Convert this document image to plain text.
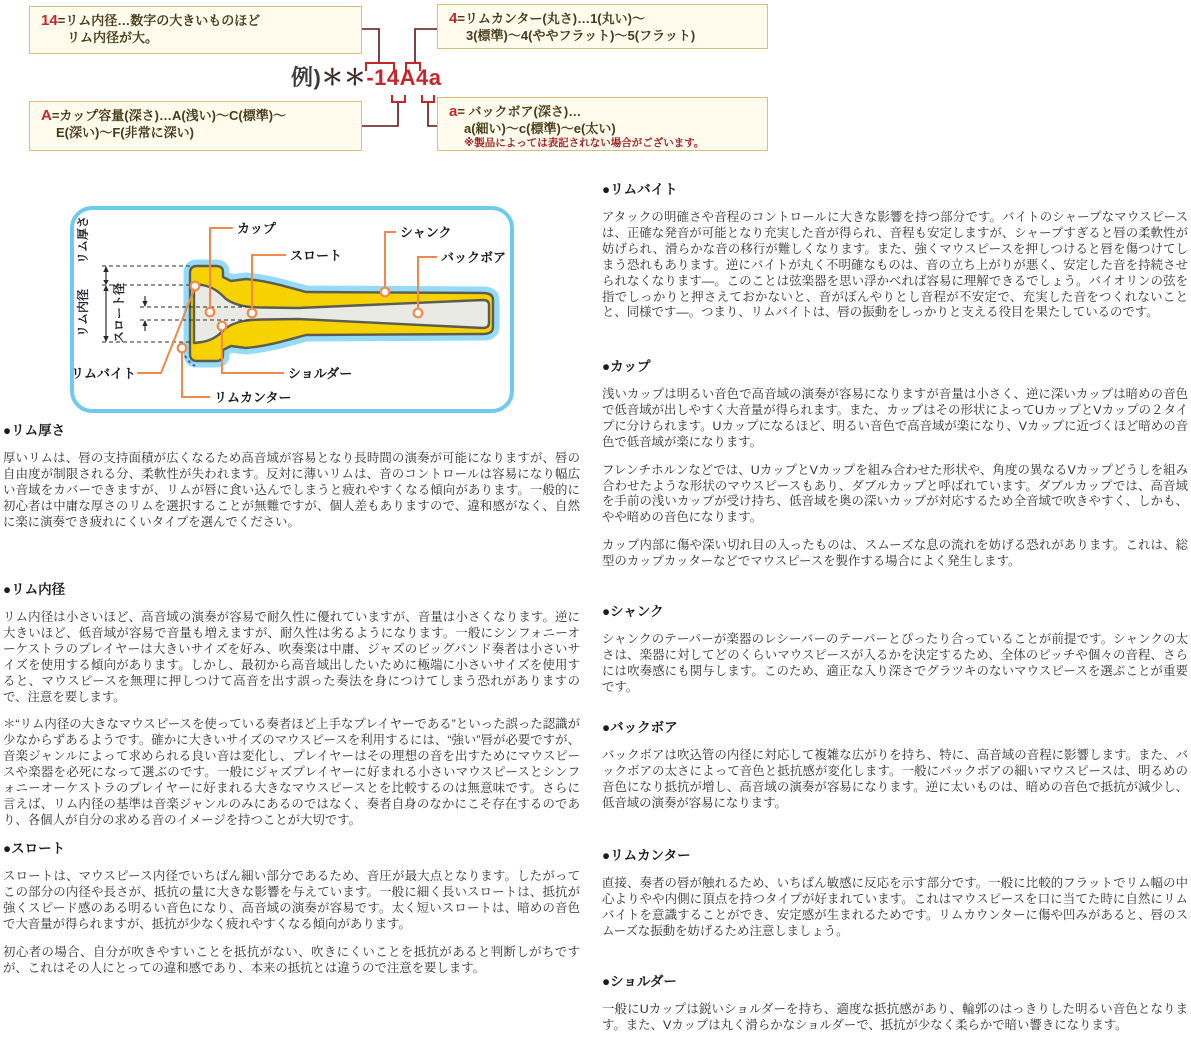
14=リム内径…数字の大きいものほど
リム内径が大。
4=リムカンター(丸さ)…1(丸い)～
3(標準)～4(ややフラット)～5(フラット)
A=カップ容量(深さ)…A(浅い)～C(標準)～
E(深い)～F(非常に深い)
a= バックボア(深さ)…
a(細い)～c(標準)～e(太い)
※製品によっては表記されない場合がございます。
例)＊＊-14A4a
リム厚さ
リム内径 スロート径
カップ
スロート
シャンク
バックボア
リムバイト	ショルダー
リムカンター
●リム厚さ

厚いリムは、唇の支持面積が広くなるため高音域が容易となり長時間の演奏が可能になりますが、唇の自由度が制限される分、柔軟性が失われます。反対に薄いリムは、音のコントロールは容易になり幅広い音域をカバーできますが、リムが唇に食い込んでしまうと疲れやすくなる傾向があります。一般的に初心者は中庸な厚さのリムを選択することが無難ですが、個人差もありますので、違和感がなく、自然に楽に演奏でき疲れにくいタイプを選んでください。

●リム内径

リム内径は小さいほど、高音域の演奏が容易で耐久性に優れていますが、音量は小さくなります。逆に大きいほど、低音域が容易で音量も増えますが、耐久性は劣るようになります。一般にシンフォニーオーケストラのプレイヤーは大きいサイズを好み、吹奏楽は中庸、ジャズのビッグバンド奏者は小さいサイズを使用する傾向があります。しかし、最初から高音域出したいために極端に小さいサイズを使用すると、マウスピースを無理に押しつけて高音を出す誤った奏法を身につけてしまう恐れがありますので、注意を要します。

＊“リム内径の大きなマウスピースを使っている奏者ほど上手なプレイヤーである”といった誤った認識が少なからずあるようです。確かに大きいサイズのマウスピースを利用するには、“強い”唇が必要ですが、音楽ジャンルによって求められる良い音は変化し、プレイヤーはその理想の音を出すためにマウスピースや楽器を必死になって選ぶのです。一般にジャズプレイヤーに好まれる小さいマウスピースとシンフォニーオーケストラのプレイヤーに好まれる大きなマウスピースとを比較するのは無意味です。さらに言えば、リム内径の基準は音楽ジャンルのみにあるのではなく、奏者自身のなかにこそ存在するのであり、各個人が自分の求める音のイメージを持つことが大切です。

●スロート

スロートは、マウスピース内径でいちばん細い部分であるため、音圧が最大点となります。したがってこの部分の内径や長さが、抵抗の量に大きな影響を与えています。一般に細く長いスロートは、抵抗が強くスピード感のある明るい音色になり、高音域の演奏が容易です。太く短いスロートは、暗めの音色で大音量が得られますが、抵抗が少なく疲れやすくなる傾向があります。

初心者の場合、自分が吹きやすいことを抵抗がない、吹きにくいことを抵抗があると判断しがちですが、これはその人にとっての違和感であり、本来の抵抗とは違うので注意を要します。

●リムバイト

アタックの明確さや音程のコントロールに大きな影響を持つ部分です。バイトのシャープなマウスピースは、正確な発音が可能となり充実した音が得られ、音程も安定しますが、シャープすぎると唇の柔軟性が妨げられ、滑らかな音の移行が難しくなります。また、強くマウスピースを押しつけると唇を傷つけてしまう恐れもあります。逆にバイトが丸く不明確なものは、音の立ち上がりが悪く、安定した音を持続させられなくなります―。このことは弦楽器を思い浮かべれば容易に理解できるでしょう。バイオリンの弦を指でしっかりと押さえておかないと、音がぼんやりとし音程が不安定で、充実した音をつくれないことと、同様です―。つまり、リムバイトは、唇の振動をしっかりと支える役目を果たしているのです。

●カップ

浅いカップは明るい音色で高音域の演奏が容易になりますが音量は小さく、逆に深いカップは暗めの音色で低音域が出しやすく大音量が得られます。また、カップはその形状によってUカップとVカップの２タイプに分けられます。Uカップになるほど、明るい音色で高音域が楽になり、Vカップに近づくほど暗めの音色で低音域が楽になります。

フレンチホルンなどでは、UカップとVカップを組み合わせた形状や、角度の異なるVカップどうしを組み合わせたような形状のマウスピースもあり、ダブルカップと呼ばれています。ダブルカップでは、高音域を手前の浅いカップが受け持ち、低音域を奥の深いカップが対応するため全音域で吹きやすく、しかも、やや暗めの音色になります。

カップ内部に傷や深い切れ目の入ったものは、スムーズな息の流れを妨げる恐れがあります。これは、総型のカップカッターなどでマウスピースを製作する場合によく発生します。

●シャンク

シャンクのテーパーが楽器のレシーバーのテーパーとぴったり合っていることが前提です。シャンクの太さは、楽器に対してどのくらいマウスピースが入るかを決定するため、全体のピッチや個々の音程、さらには吹奏感にも関与します。このため、適正な入り深さでグラツキのないマウスピースを選ぶことが重要です。

●バックボア

バックボアは吹込管の内径に対応して複雑な広がりを持ち、特に、高音域の音程に影響します。また、バックボアの太さによって音色と抵抗感が変化します。一般にバックボアの細いマウスピースは、明るめの音色になり抵抗が増し、高音域の演奏が容易になります。逆に太いものは、暗めの音色で抵抗が減少し、低音域の演奏が容易になります。

●リムカンター

直接、奏者の唇が触れるため、いちばん敏感に反応を示す部分です。一般に比較的フラットでリム幅の中心よりやや内側に頂点を持つタイプが好まれています。これはマウスピースを口に当てた時に自然にリムバイトを意識することができ、安定感が生まれるためです。リムカウンターに傷や凹みがあると、唇のスムーズな振動を妨げるため注意しましょう。

●ショルダー

一般にUカップは鋭いショルダーを持ち、適度な抵抗感があり、輪郭のはっきりした明るい音色となります。また、Vカップは丸く滑らかなショルダーで、抵抗が少なく柔らかで暗い響きになります。
